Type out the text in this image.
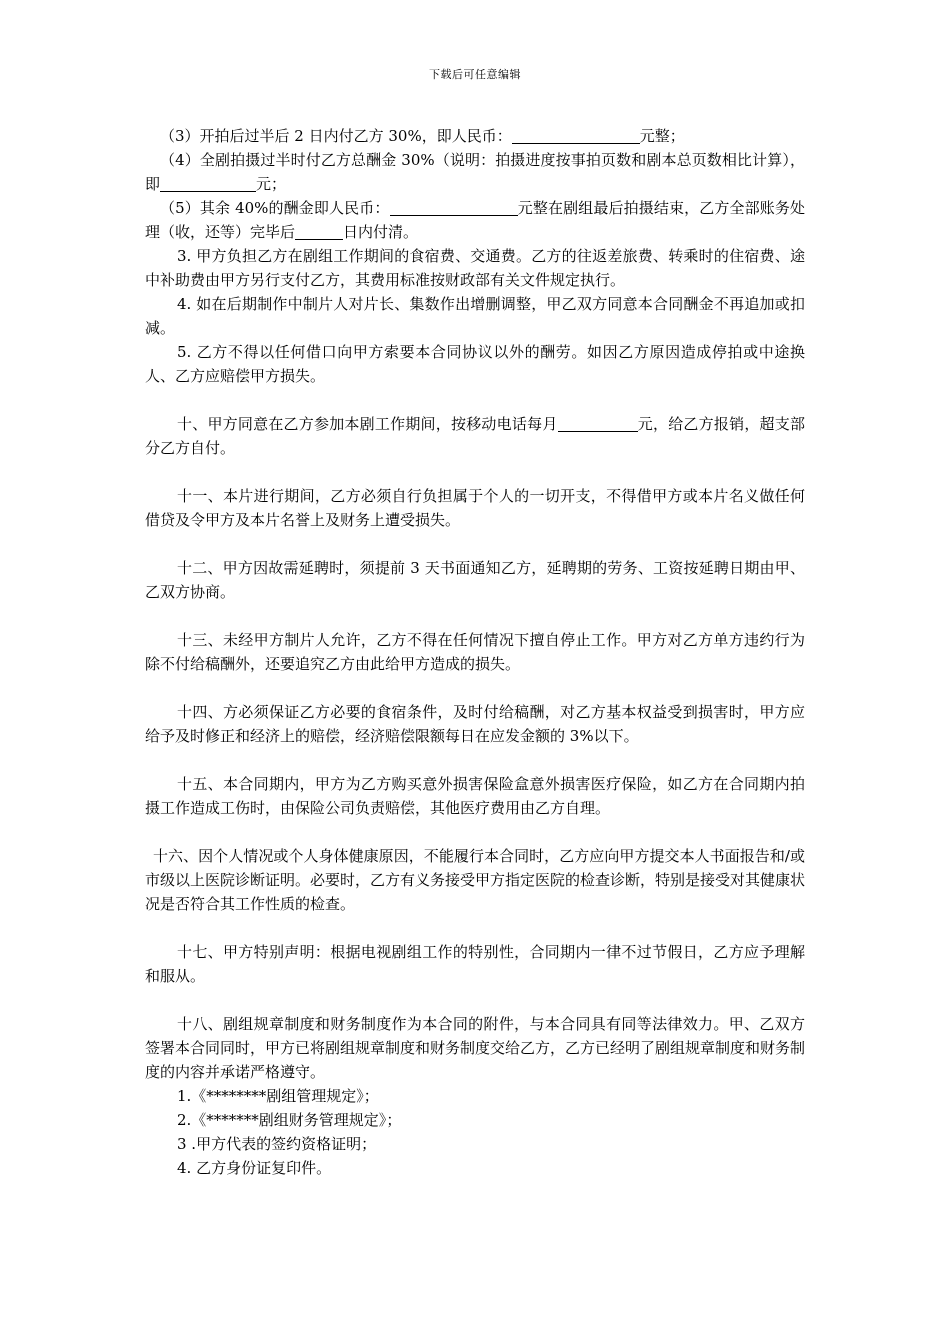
下载后可任意编辑

（3）开拍后过半后 2 日内付乙方 30%，即人民币：	元整；

（4）全剧拍摄过半时付乙方总酬金 30%（说明：拍摄进度按事拍页数和剧本总页数相比计算），即	元；

（5）其余 40%的酬金即人民币：	元整在剧组最后拍摄结束，乙方全部账务处理（收，还等）完毕后	日内付清。

3. 甲方负担乙方在剧组工作期间的食宿费、交通费。乙方的往返差旅费、转乘时的住宿费、途中补助费由甲方另行支付乙方，其费用标准按财政部有关文件规定执行。

4. 如在后期制作中制片人对片长、集数作出增删调整，甲乙双方同意本合同酬金不再追加或扣减。

5. 乙方不得以任何借口向甲方索要本合同协议以外的酬劳。如因乙方原因造成停拍或中途换人、乙方应赔偿甲方损失。

十、甲方同意在乙方参加本剧工作期间，按移动电话每月	元，给乙方报销，超支部分乙方自付。

十一、本片进行期间，乙方必须自行负担属于个人的一切开支，不得借甲方或本片名义做任何借贷及令甲方及本片名誉上及财务上遭受损失。

十二、甲方因故需延聘时，须提前 3 天书面通知乙方，延聘期的劳务、工资按延聘日期由甲、乙双方协商。

十三、未经甲方制片人允许，乙方不得在任何情况下擅自停止工作。甲方对乙方单方违约行为除不付给稿酬外，还要追究乙方由此给甲方造成的损失。

十四、方必须保证乙方必要的食宿条件，及时付给稿酬，对乙方基本权益受到损害时，甲方应给予及时修正和经济上的赔偿，经济赔偿限额每日在应发金额的 3%以下。

十五、本合同期内，甲方为乙方购买意外损害保险盒意外损害医疗保险，如乙方在合同期内拍摄工作造成工伤时，由保险公司负责赔偿，其他医疗费用由乙方自理。

十六、因个人情况或个人身体健康原因，不能履行本合同时，乙方应向甲方提交本人书面报告和/或市级以上医院诊断证明。必要时，乙方有义务接受甲方指定医院的检查诊断，特别是接受对其健康状况是否符合其工作性质的检查。

十七、甲方特别声明：根据电视剧组工作的特别性，合同期内一律不过节假日，乙方应予理解和服从。

十八、剧组规章制度和财务制度作为本合同的附件，与本合同具有同等法律效力。甲、乙双方签署本合同同时，甲方已将剧组规章制度和财务制度交给乙方，乙方已经明了剧组规章制度和财务制度的内容并承诺严格遵守。

1.《********剧组管理规定》；

2.《*******剧组财务管理规定》；

3 .甲方代表的签约资格证明；

4. 乙方身份证复印件。
